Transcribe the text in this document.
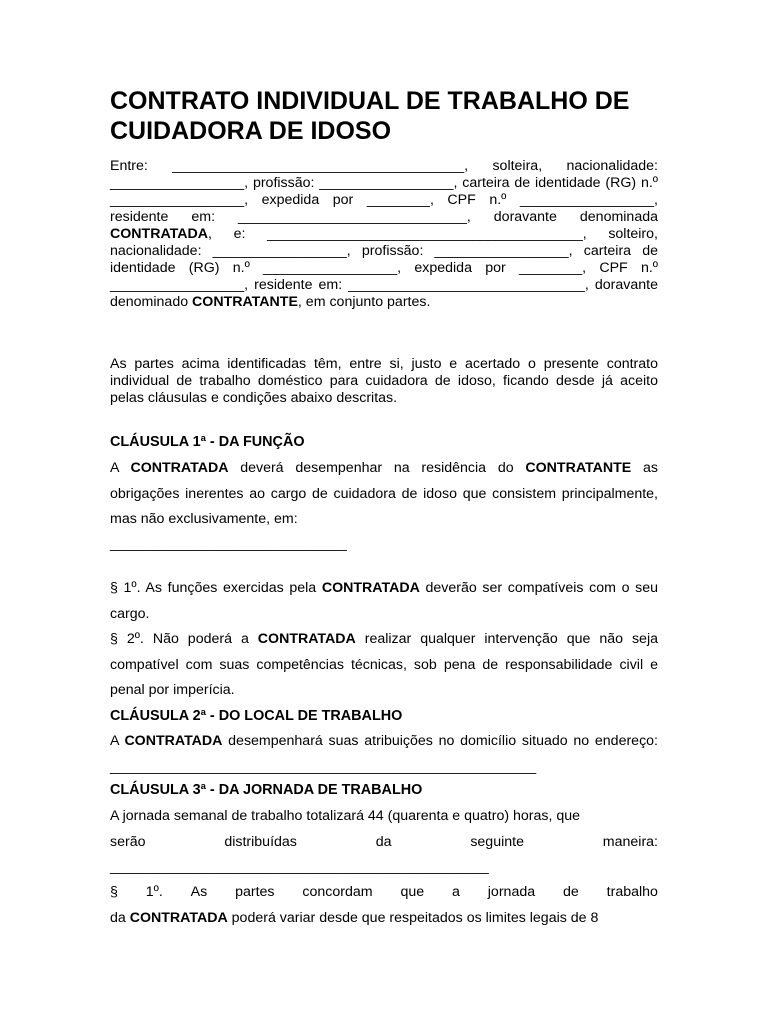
CONTRATO INDIVIDUAL DE TRABALHO DE CUIDADORA DE IDOSO

Entre: _____________________________________, solteira, nacionalidade: _________________, profissão: _________________, carteira de identidade (RG) n.º _________________, expedida por ________, CPF n.º _________________, residente em: _____________________________, doravante denominada CONTRATADA, e: ________________________________________, solteiro, nacionalidade: _________________, profissão: _________________, carteira de identidade (RG) n.º _________________, expedida por ________, CPF n.º _________________, residente em: ______________________________, doravante denominado CONTRATANTE, em conjunto partes.

As partes acima identificadas têm, entre si, justo e acertado o presente contrato individual de trabalho doméstico para cuidadora de idoso, ficando desde já aceito pelas cláusulas e condições abaixo descritas.

CLÁUSULA 1ª - DA FUNÇÃO

A CONTRATADA deverá desempenhar na residência do CONTRATANTE as obrigações inerentes ao cargo de cuidadora de idoso que consistem principalmente, mas não exclusivamente, em:

______________________________

§ 1º. As funções exercidas pela CONTRATADA deverão ser compatíveis com o seu cargo.

§ 2º. Não poderá a CONTRATADA realizar qualquer intervenção que não seja compatível com suas competências técnicas, sob pena de responsabilidade civil e penal por imperícia.

CLÁUSULA 2ª - DO LOCAL DE TRABALHO

A CONTRATADA desempenhará suas atribuições no domicílio situado no endereço: ______________________________________________________

CLÁUSULA 3ª - DA JORNADA DE TRABALHO

A jornada semanal de trabalho totalizará 44 (quarenta e quatro) horas, que

serão	distribuídas	da	seguinte	maneira:

________________________________________________

§ 1º. As partes concordam que a jornada de trabalho

da CONTRATADA poderá variar desde que respeitados os limites legais de 8
